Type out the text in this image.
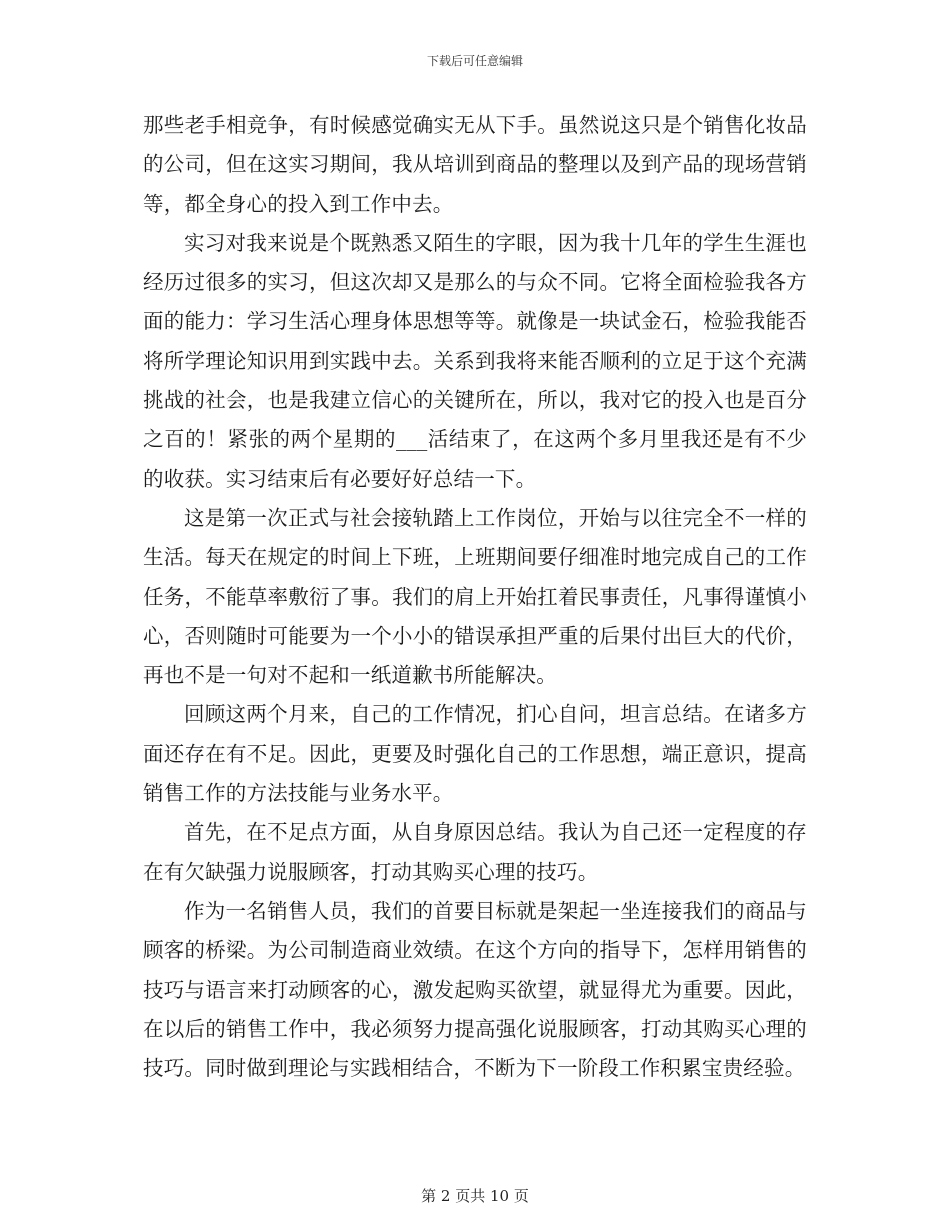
下载后可任意编辑

那些老手相竞争，有时候感觉确实无从下手。虽然说这只是个销售化妆品的公司，但在这实习期间，我从培训到商品的整理以及到产品的现场营销等，都全身心的投入到工作中去。

实习对我来说是个既熟悉又陌生的字眼，因为我十几年的学生生涯也经历过很多的实习，但这次却又是那么的与众不同。它将全面检验我各方面的能力：学习生活心理身体思想等等。就像是一块试金石，检验我能否将所学理论知识用到实践中去。关系到我将来能否顺利的立足于这个充满挑战的社会，也是我建立信心的关键所在，所以，我对它的投入也是百分之百的！紧张的两个星期的___活结束了，在这两个多月里我还是有不少的收获。实习结束后有必要好好总结一下。

这是第一次正式与社会接轨踏上工作岗位，开始与以往完全不一样的生活。每天在规定的时间上下班，上班期间要仔细准时地完成自己的工作任务，不能草率敷衍了事。我们的肩上开始扛着民事责任，凡事得谨慎小心，否则随时可能要为一个小小的错误承担严重的后果付出巨大的代价，再也不是一句对不起和一纸道歉书所能解决。

回顾这两个月来，自己的工作情况，扪心自问，坦言总结。在诸多方面还存在有不足。因此，更要及时强化自己的工作思想，端正意识，提高销售工作的方法技能与业务水平。

首先，在不足点方面，从自身原因总结。我认为自己还一定程度的存在有欠缺强力说服顾客，打动其购买心理的技巧。

作为一名销售人员，我们的首要目标就是架起一坐连接我们的商品与顾客的桥梁。为公司制造商业效绩。在这个方向的指导下，怎样用销售的技巧与语言来打动顾客的心，激发起购买欲望，就显得尤为重要。因此，在以后的销售工作中，我必须努力提高强化说服顾客，打动其购买心理的技巧。同时做到理论与实践相结合，不断为下一阶段工作积累宝贵经验。

第 2 页共 10 页
